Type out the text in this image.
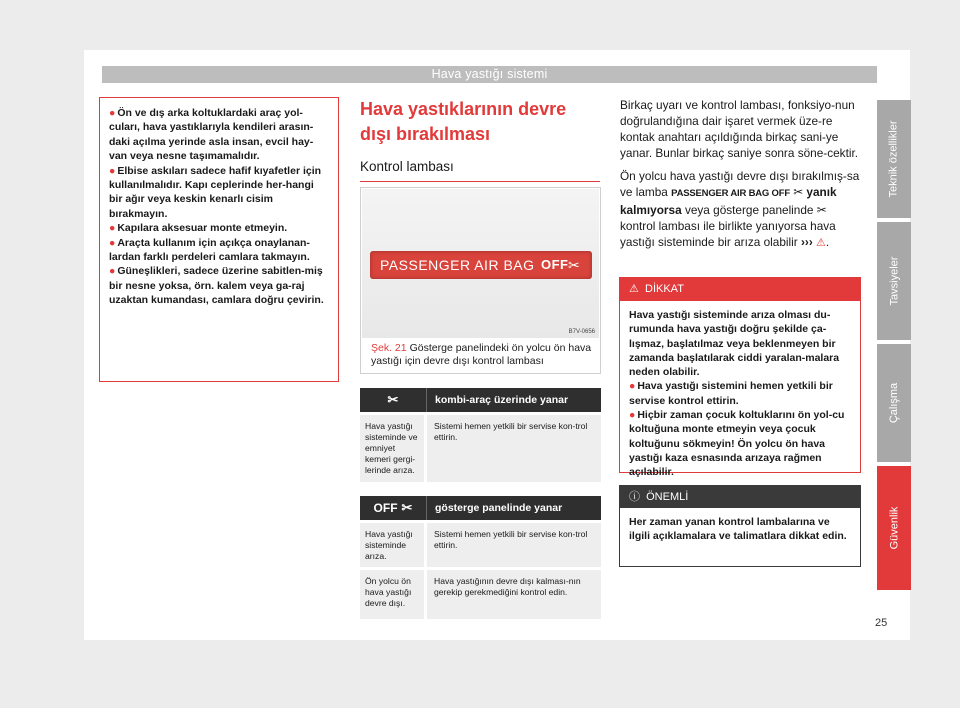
Hava yastığı sistemi
● Ön ve dış arka koltuklardaki araç yol-cuları, hava yastıklarıyla kendileri arasın-daki açılma yerinde asla insan, evcil hay-van veya nesne taşımamalıdır.
● Elbise askıları sadece hafif kıyafetler için kullanılmalıdır. Kapı ceplerinde her-hangi bir ağır veya keskin kenarlı cisim bırakmayın.
● Kapılara aksesuar monte etmeyin.
● Araçta kullanım için açıkça onaylanan-lardan farklı perdeleri camlara takmayın.
● Güneşlikleri, sadece üzerine sabitlen-miş bir nesne yoksa, örn. kalem veya ga-raj uzaktan kumandası, camlara doğru çevirin.
Hava yastıklarının devre dışı bırakılması
Kontrol lambası
PASSENGER AIR BAG OFF ✂
B7V-0656
Şek. 21 Gösterge panelindeki ön yolcu ön hava yastığı için devre dışı kontrol lambası
✂	kombi-araç üzerinde yanar
Hava yastığı sisteminde ve emniyet kemeri gergi-lerinde arıza.
Sistemi hemen yetkili bir servise kon-trol ettirin.
OFF ✂	gösterge panelinde yanar
Hava yastığı sisteminde arıza.
Sistemi hemen yetkili bir servise kon-trol ettirin.
Ön yolcu ön hava yastığı devre dışı.
Hava yastığının devre dışı kalması-nın gerekip gerekmediğini kontrol edin.

Birkaç uyarı ve kontrol lambası, fonksiyo-nun doğrulandığına dair işaret vermek üze-re kontak anahtarı açıldığında birkaç sani-ye yanar. Bunlar birkaç saniye sonra söne-cektir.

Ön yolcu hava yastığı devre dışı bırakılmış-sa ve lamba PASSENGER AIR BAG OFF ✂ yanık kalmıyorsa veya gösterge panelinde ✂ kontrol lambası ile birlikte yanıyorsa hava yastığı sisteminde bir arıza olabilir ››› ⚠.

⚠ DİKKAT
Hava yastığı sisteminde arıza olması du-rumunda hava yastığı doğru şekilde ça-lışmaz, başlatılmaz veya beklenmeyen bir zamanda başlatılarak ciddi yaralan-malara neden olabilir.
● Hava yastığı sistemini hemen yetkili bir servise kontrol ettirin.
● Hiçbir zaman çocuk koltuklarını ön yol-cu koltuğuna monte etmeyin veya çocuk koltuğunu sökmeyin! Ön yolcu ön hava yastığı kaza esnasında arızaya rağmen açılabilir.
ⓘ ÖNEMLİ
Her zaman yanan kontrol lambalarına ve ilgili açıklamalara ve talimatlara dikkat edin.
Teknik özellikler
Tavsiyeler
Çalışma
Güvenlik
25
